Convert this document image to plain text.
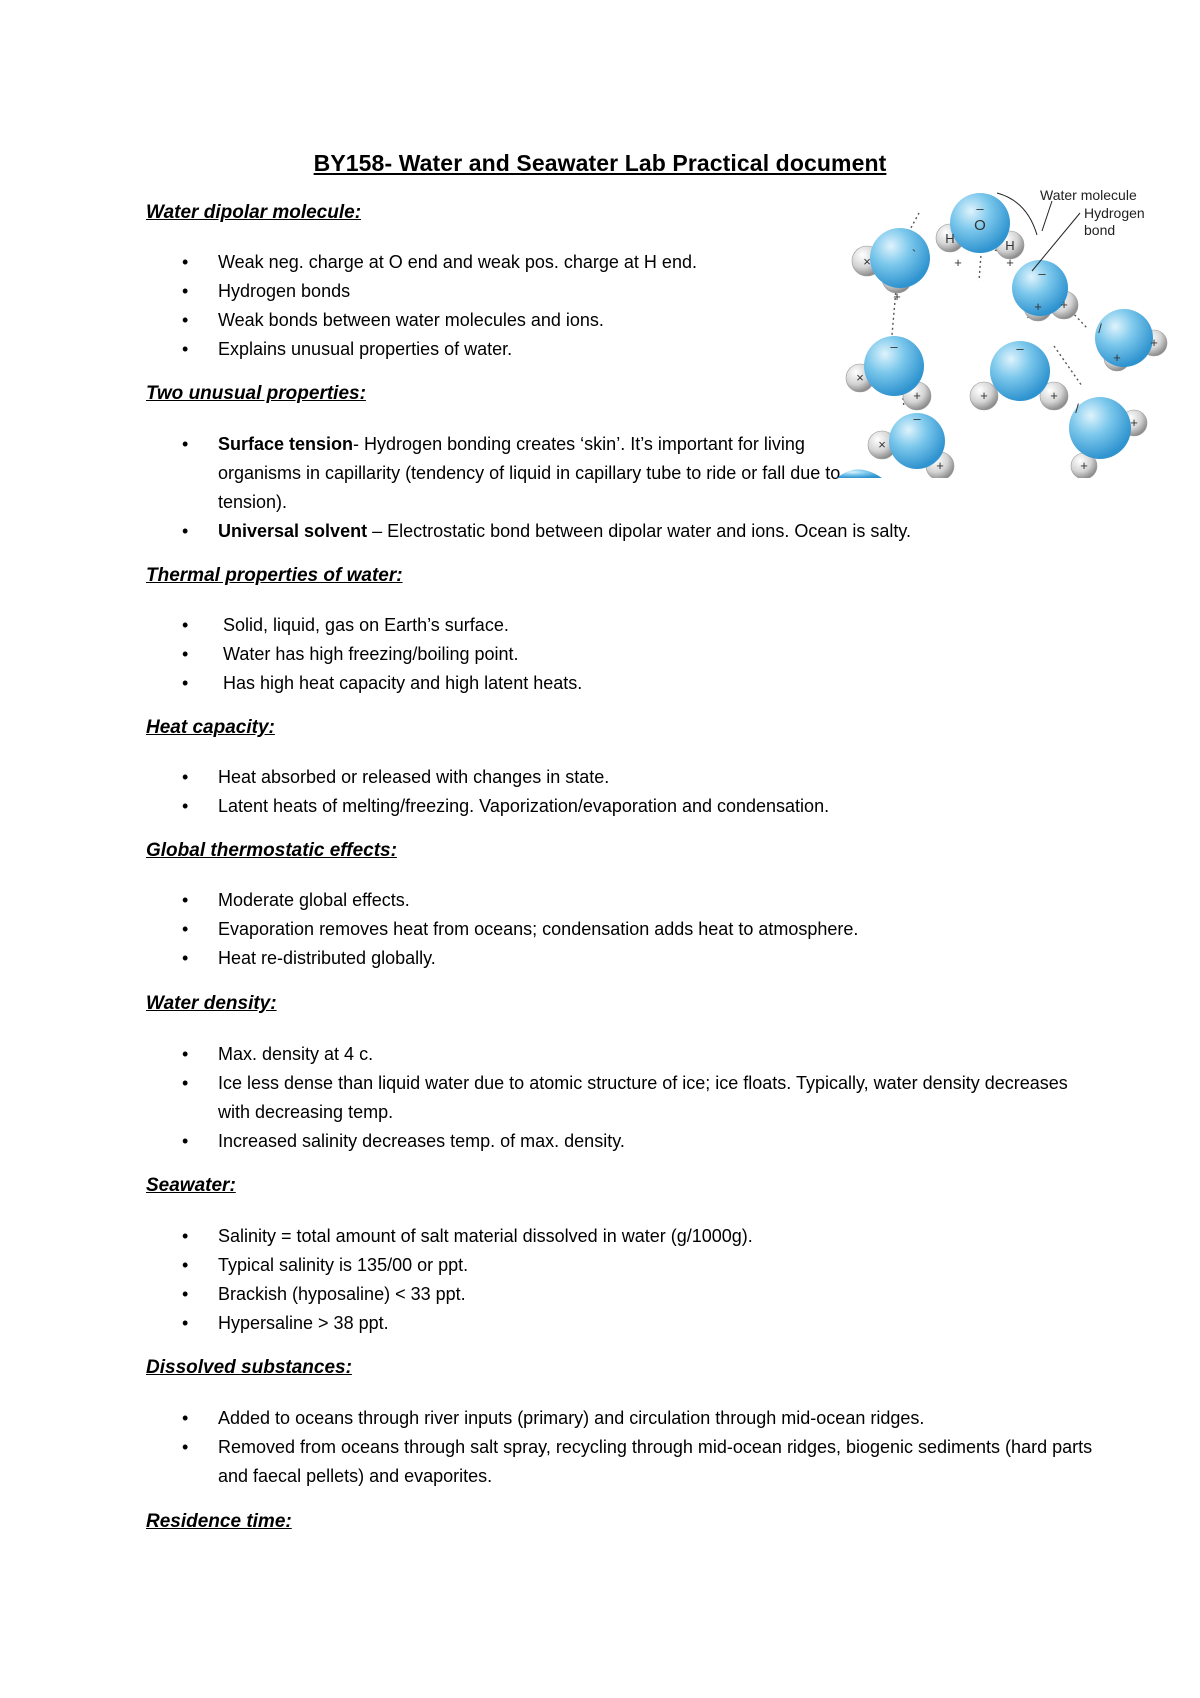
BY158- Water and Seawater Lab Practical document
Water dipolar molecule:
• Weak neg. charge at O end and weak pos. charge at H end.
• Hydrogen bonds
• Weak bonds between water molecules and ions.
• Explains unusual properties of water.
Two unusual properties:
• Surface tension- Hydrogen bonding creates ‘skin’. It’s important for living organisms in capillarity (tendency of liquid in capillary tube to ride or fall due to tension).
• Universal solvent – Electrostatic bond between dipolar water and ions. Ocean is salty.
Thermal properties of water:
• Solid, liquid, gas on Earth’s surface.
• Water has high freezing/boiling point.
• Has high heat capacity and high latent heats.
Heat capacity:
• Heat absorbed or released with changes in state.
• Latent heats of melting/freezing. Vaporization/evaporation and condensation.
Global thermostatic effects:
• Moderate global effects.
• Evaporation removes heat from oceans; condensation adds heat to atmosphere.
• Heat re-distributed globally.
Water density:
• Max. density at 4 c.
• Ice less dense than liquid water due to atomic structure of ice; ice floats. Typically, water density decreases with decreasing temp.
• Increased salinity decreases temp. of max. density.
Seawater:
• Salinity = total amount of salt material dissolved in water (g/1000g).
• Typical salinity is 135/00 or ppt.
• Brackish (hyposaline) < 33 ppt.
• Hypersaline > 38 ppt.
Dissolved substances:
• Added to oceans through river inputs (primary) and circulation through mid-ocean ridges.
• Removed from oceans through salt spray, recycling through mid-ocean ridges, biogenic sediments (hard parts and faecal pellets) and evaporites.
Residence time:
O
H	H
×
–
`
+	+
–
+
+
+
+
+
/
×
+
–
+	+
–
×
+
–	+
+
/
Water molecule
Hydrogen
bond
